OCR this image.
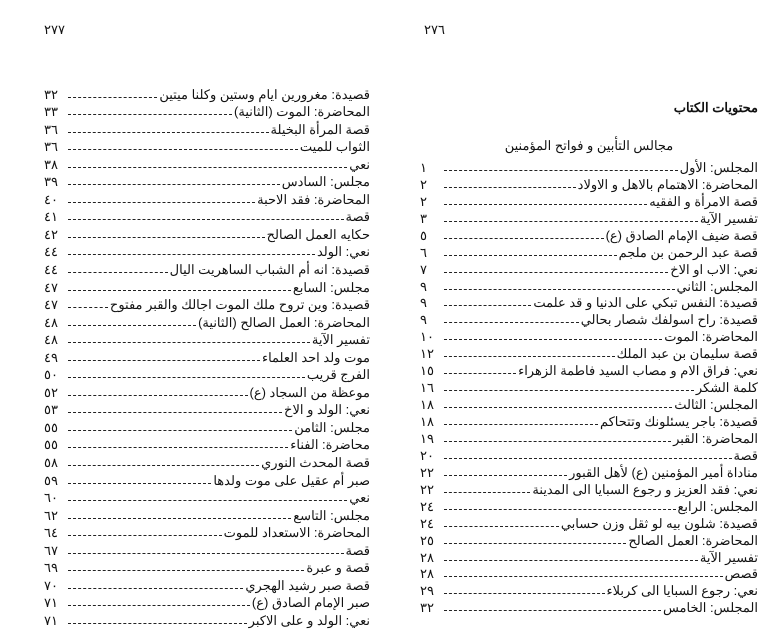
٢٧٧	٢٧٦
قصيدة: مغرورين ايام وستين وكلنا ميتين
٣٢
المحاضرة: الموت (الثانية)
٣٣
قصة المرأة البخيلة
٣٦
الثواب للميت
٣٦
نعي
٣٨
مجلس: السادس
٣٩
المحاضرة: فقد الاحبة
٤٠
قصة
٤١
حكايه العمل الصالح
٤٢
نعي: الولد
٤٤
قصيدة: انه أم الشباب الساهريت اليال
٤٤
مجلس: السابع
٤٧
قصيدة: وين تروح ملك الموت اجالك والقبر مفتوح
٤٧
المحاضرة: العمل الصالح (الثانية)
٤٨
تفسير الآية
٤٨
موت ولد احد العلماء
٤٩
الفرج قريب
٥٠
موعظة من السجاد (ع)
٥٢
نعي: الولد و الاخ
٥٣
مجلس: الثامن
٥٥
محاضرة: الفناء
٥٥
قصة المحدث النوري
٥٨
صبر أم عقيل على موت ولدها
٥٩
نعي
٦٠
مجلس: التاسع
٦٢
المحاضرة: الاستعداد للموت
٦٤
قصة
٦٧
قصة و عبرة
٦٩
قصة صبر رشيد الهجري
٧٠
صبر الإمام الصادق (ع)
٧١
نعي: الولد و على الاكبر
٧١
محتويات الكتاب
مجالس التأبين و فواتح المؤمنين
المجلس: الأول
١
المحاضرة: الاهتمام بالاهل و الاولاد
٢
قصة الامرأة و الفقيه
٢
تفسير الآية
٣
قصة ضيف الإمام الصادق (ع)
٥
قصة عبد الرحمن بن ملجم
٦
نعي: الاب او الاخ
٧
المجلس: الثاني
٩
قصيدة: النفس تبكي على الدنيا و قد علمت
٩
قصيدة: راح اسولفك شصار بحالي
٩
المحاضرة: الموت
١٠
قصة سليمان بن عبد الملك
١٢
نعي: فراق الام و مصاب السيد فاطمة الزهراء
١٥
كلمة الشكر
١٦
المجلس: الثالث
١٨
قصيدة: باجر يسئلونك وتتحاكم
١٨
المحاضرة: القبر
١٩
قصة
٢٠
مناداة أمير المؤمنين (ع) لأهل القبور
٢٢
نعي: فقد العزيز و رجوع السبايا الى المدينة
٢٢
المجلس: الرابع
٢٤
قصيدة: شلون بيه لو ثقل وزن حسابي
٢٤
المحاضرة: العمل الصالح
٢٥
تفسير الآية
٢٨
قصص
٢٨
نعي: رجوع السبايا الى كربلاء
٢٩
المجلس: الخامس
٣٢
